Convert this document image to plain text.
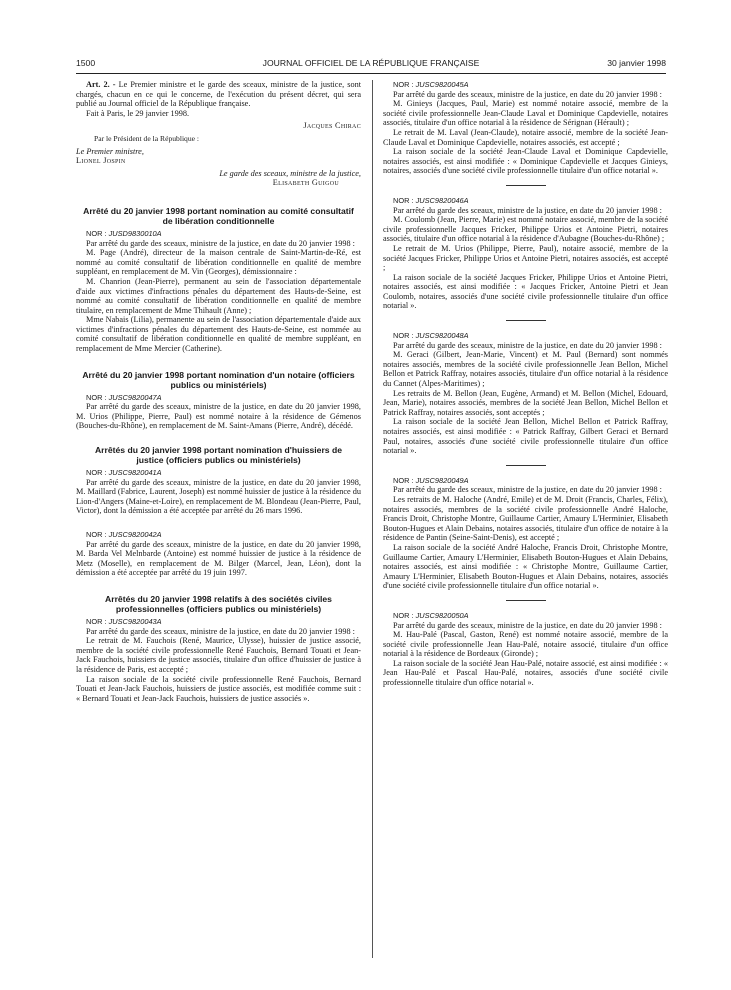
1500	JOURNAL OFFICIEL DE LA RÉPUBLIQUE FRANÇAISE	30 janvier 1998

Art. 2. - Le Premier ministre et le garde des sceaux, ministre de la justice, sont chargés, chacun en ce qui le concerne, de l'exécution du présent décret, qui sera publié au Journal officiel de la République française.

Fait à Paris, le 29 janvier 1998.

Jacques Chirac

Par le Président de la République :

Le Premier ministre,

Lionel Jospin

Le garde des sceaux, ministre de la justice,

Elisabeth Guigou

Arrêté du 20 janvier 1998 portant nomination au comité consultatif de libération conditionnelle

NOR : JUSD9830010A

Par arrêté du garde des sceaux, ministre de la justice, en date du 20 janvier 1998 :

M. Page (André), directeur de la maison centrale de Saint-Martin-de-Ré, est nommé au comité consultatif de libération conditionnelle en qualité de membre suppléant, en remplacement de M. Vin (Georges), démissionnaire :

M. Chanrion (Jean-Pierre), permanent au sein de l'association départementale d'aide aux victimes d'infractions pénales du département des Hauts-de-Seine, est nommé au comité consultatif de libération conditionnelle en qualité de membre titulaire, en remplacement de Mme Thihault (Anne) ;

Mme Nabais (Lilia), permanente au sein de l'association départementale d'aide aux victimes d'infractions pénales du département des Hauts-de-Seine, est nommée au comité consultatif de libération conditionnelle en qualité de membre suppléant, en remplacement de Mme Mercier (Catherine).

Arrêté du 20 janvier 1998 portant nomination d'un notaire (officiers publics ou ministériels)

NOR : JUSC9820047A

Par arrêté du garde des sceaux, ministre de la justice, en date du 20 janvier 1998, M. Urios (Philippe, Pierre, Paul) est nommé notaire à la résidence de Gémenos (Bouches-du-Rhône), en remplacement de M. Saint-Amans (Pierre, André), décédé.

Arrêtés du 20 janvier 1998 portant nomination d'huissiers de justice (officiers publics ou ministériels)

NOR : JUSC9820041A

Par arrêté du garde des sceaux, ministre de la justice, en date du 20 janvier 1998, M. Maillard (Fabrice, Laurent, Joseph) est nommé huissier de justice à la résidence du Lion-d'Angers (Maine-et-Loire), en remplacement de M. Blondeau (Jean-Pierre, Paul, Victor), dont la démission a été acceptée par arrêté du 26 mars 1996.

NOR : JUSC9820042A

Par arrêté du garde des sceaux, ministre de la justice, en date du 20 janvier 1998, M. Barda Vel Melnbarde (Antoine) est nommé huissier de justice à la résidence de Metz (Moselle), en remplacement de M. Bilger (Marcel, Jean, Léon), dont la démission a été acceptée par arrêté du 19 juin 1997.

Arrêtés du 20 janvier 1998 relatifs à des sociétés civiles professionnelles (officiers publics ou ministériels)

NOR : JUSC9820043A

Par arrêté du garde des sceaux, ministre de la justice, en date du 20 janvier 1998 :

Le retrait de M. Fauchois (René, Maurice, Ulysse), huissier de justice associé, membre de la société civile professionnelle René Fauchois, Bernard Touati et Jean-Jack Fauchois, huissiers de justice associés, titulaire d'un office d'huissier de justice à la résidence de Paris, est accepté ;

La raison sociale de la société civile professionnelle René Fauchois, Bernard Touati et Jean-Jack Fauchois, huissiers de justice associés, est modifiée comme suit : « Bernard Touati et Jean-Jack Fauchois, huissiers de justice associés ».

NOR : JUSC9820045A

Par arrêté du garde des sceaux, ministre de la justice, en date du 20 janvier 1998 :

M. Ginieys (Jacques, Paul, Marie) est nommé notaire associé, membre de la société civile professionnelle Jean-Claude Laval et Dominique Capdevielle, notaires associés, titulaire d'un office notarial à la résidence de Sérignan (Hérault) ;

Le retrait de M. Laval (Jean-Claude), notaire associé, membre de la société Jean-Claude Laval et Dominique Capdevielle, notaires associés, est accepté ;

La raison sociale de la société Jean-Claude Laval et Dominique Capdevielle, notaires associés, est ainsi modifiée : « Dominique Capdevielle et Jacques Ginieys, notaires, associés d'une société civile professionnelle titulaire d'un office notarial ».

NOR : JUSC9820046A

Par arrêté du garde des sceaux, ministre de la justice, en date du 20 janvier 1998 :

M. Coulomb (Jean, Pierre, Marie) est nommé notaire associé, membre de la société civile professionnelle Jacques Fricker, Philippe Urios et Antoine Pietri, notaires associés, titulaire d'un office notarial à la résidence d'Aubagne (Bouches-du-Rhône) ;

Le retrait de M. Urios (Philippe, Pierre, Paul), notaire associé, membre de la société Jacques Fricker, Philippe Urios et Antoine Pietri, notaires associés, est accepté ;

La raison sociale de la société Jacques Fricker, Philippe Urios et Antoine Pietri, notaires associés, est ainsi modifiée : « Jacques Fricker, Antoine Pietri et Jean Coulomb, notaires, associés d'une société civile professionnelle titulaire d'un office notarial ».

NOR : JUSC9820048A

Par arrêté du garde des sceaux, ministre de la justice, en date du 20 janvier 1998 :

M. Geraci (Gilbert, Jean-Marie, Vincent) et M. Paul (Bernard) sont nommés notaires associés, membres de la société civile professionnelle Jean Bellon, Michel Bellon et Patrick Raffray, notaires associés, titulaire d'un office notarial à la résidence du Cannet (Alpes-Maritimes) ;

Les retraits de M. Bellon (Jean, Eugène, Armand) et M. Bellon (Michel, Edouard, Jean, Marie), notaires associés, membres de la société Jean Bellon, Michel Bellon et Patrick Raffray, notaires associés, sont acceptés ;

La raison sociale de la société Jean Bellon, Michel Bellon et Patrick Raffray, notaires associés, est ainsi modifiée : « Patrick Raffray, Gilbert Geraci et Bernard Paul, notaires, associés d'une société civile professionnelle titulaire d'un office notarial ».

NOR : JUSC9820049A

Par arrêté du garde des sceaux, ministre de la justice, en date du 20 janvier 1998 :

Les retraits de M. Haloche (André, Emile) et de M. Droit (Francis, Charles, Félix), notaires associés, membres de la société civile professionnelle André Haloche, Francis Droit, Christophe Montre, Guillaume Cartier, Amaury L'Herminier, Elisabeth Bouton-Hugues et Alain Debains, notaires associés, titulaire d'un office de notaire à la résidence de Pantin (Seine-Saint-Denis), est accepté ;

La raison sociale de la société André Haloche, Francis Droit, Christophe Montre, Guillaume Cartier, Amaury L'Herminier, Elisabeth Bouton-Hugues et Alain Debains, notaires associés, est ainsi modifiée : « Christophe Montre, Guillaume Cartier, Amaury L'Herminier, Elisabeth Bouton-Hugues et Alain Debains, notaires, associés d'une société civile professionnelle titulaire d'un office notarial ».

NOR : JUSC9820050A

Par arrêté du garde des sceaux, ministre de la justice, en date du 20 janvier 1998 :

M. Hau-Palé (Pascal, Gaston, René) est nommé notaire associé, membre de la société civile professionnelle Jean Hau-Palé, notaire associé, titulaire d'un office notarial à la résidence de Bordeaux (Gironde) ;

La raison sociale de la société Jean Hau-Palé, notaire associé, est ainsi modifiée : « Jean Hau-Palé et Pascal Hau-Palé, notaires, associés d'une société civile professionnelle titulaire d'un office notarial ».
